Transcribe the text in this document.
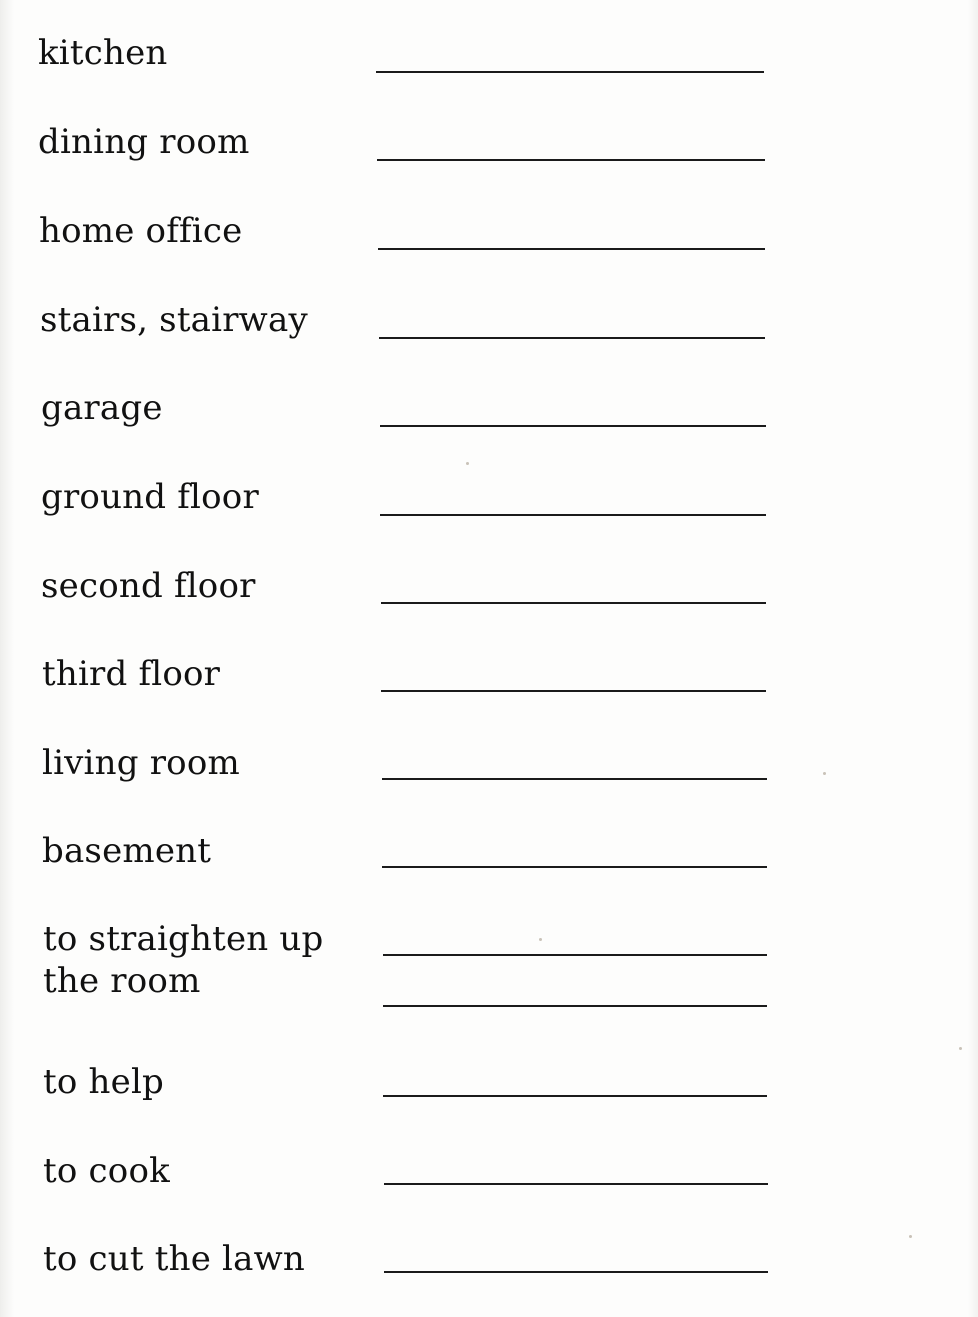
kitchen
dining room
home office
stairs, stairway
garage
ground floor
second floor
third floor
living room
basement
to straighten up
the room
to help
to cook
to cut the lawn
